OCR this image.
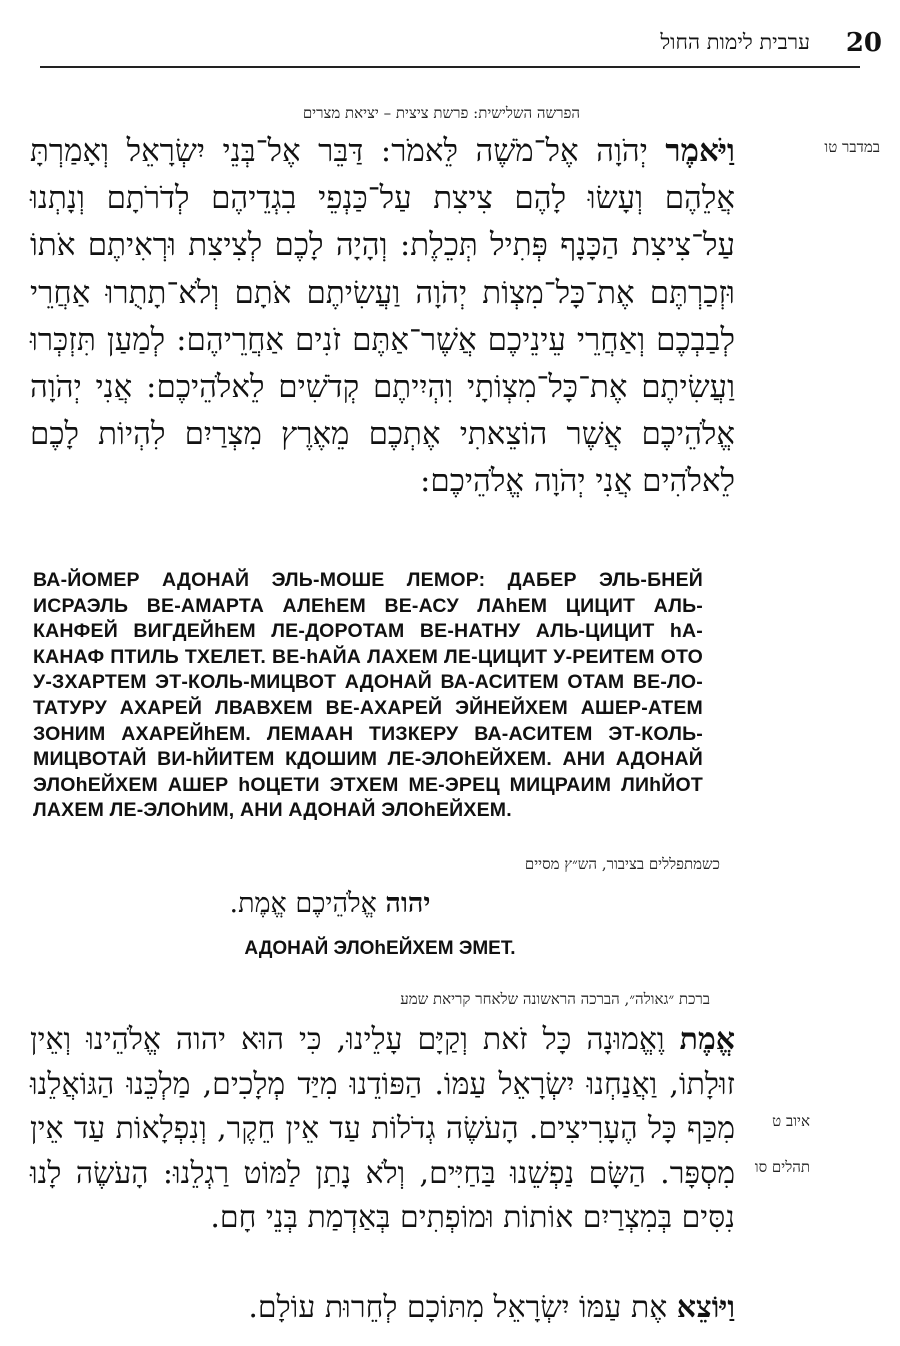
20
ערבית לימות החול
הפרשה השלישית: פרשת ציצית – יציאת מצרים
במדבר טו
וַיֹּאמֶר יְהֹוָה אֶל־מֹשֶׁה לֵּאמֹר: דַּבֵּר אֶל־בְּנֵי יִשְׂרָאֵל וְאָמַרְתָּ אֲלֵהֶם וְעָשׂוּ לָהֶם צִיצִת עַל־כַּנְפֵי בִגְדֵיהֶם לְדֹרֹתָם וְנָתְנוּ עַל־צִיצִת הַכָּנָף פְּתִיל תְּכֵלֶת: וְהָיָה לָכֶם לְצִיצִת וּרְאִיתֶם אֹתוֹ וּזְכַרְתֶּם אֶת־כָּל־מִצְוֹת יְהֹוָה וַעֲשִׂיתֶם אֹתָם וְלֹא־תָתֻרוּ אַחֲרֵי לְבַבְכֶם וְאַחֲרֵי עֵינֵיכֶם אֲשֶׁר־אַתֶּם זֹנִים אַחֲרֵיהֶם: לְמַעַן תִּזְכְּרוּ וַעֲשִׂיתֶם אֶת־כָּל־מִצְוֹתָי וִהְיִיתֶם קְדֹשִׁים לֵאלֹהֵיכֶם: אֲנִי יְהֹוָה אֱלֹהֵיכֶם אֲשֶׁר הוֹצֵאתִי אֶתְכֶם מֵאֶרֶץ מִצְרַיִם לִהְיוֹת לָכֶם לֵאלֹהִים אֲנִי יְהֹוָה אֱלֹהֵיכֶם:
ВА-ЙОМЕР АДОНАЙ ЭЛЬ-МОШЕ ЛЕМОР: ДАБЕР ЭЛЬ-БНЕЙ ИСРАЭЛЬ ВЕ-АМАРТА АЛЕhЕМ ВЕ-АСУ ЛАhЕМ ЦИЦИТ АЛЬ-КАНФЕЙ ВИГДЕЙhЕМ ЛЕ-ДОРОТАМ ВЕ-НАТНУ АЛЬ-ЦИЦИТ hА-КАНАФ ПТИЛЬ ТХЕЛЕТ. ВЕ-hАЙА ЛАХЕМ ЛЕ-ЦИЦИТ У-РЕИТЕМ ОТО У-ЗХАРТЕМ ЭТ-КОЛЬ-МИЦВОТ АДОНАЙ ВА-АСИТЕМ ОТАМ ВЕ-ЛО-ТАТУРУ АХАРЕЙ ЛВАВХЕМ ВЕ-АХАРЕЙ ЭЙНЕЙХЕМ АШЕР-АТЕМ ЗОНИМ АХАРЕЙhЕМ. ЛЕМААН ТИЗКЕРУ ВА-АСИТЕМ ЭТ-КОЛЬ-МИЦВОТАЙ ВИ-hЙИТЕМ КДОШИМ ЛЕ-ЭЛОhЕЙХЕМ. АНИ АДОНАЙ ЭЛОhЕЙХЕМ АШЕР hОЦЕТИ ЭТХЕМ МЕ-ЭРЕЦ МИЦРАИМ ЛИhЙОТ ЛАХЕМ ЛЕ-ЭЛОhИМ, АНИ АДОНАЙ ЭЛОhЕЙХЕМ.
כשמתפללים בציבור, הש״ץ מסיים
יהוה אֱלֹהֵיכֶם אֱמֶת.
АДОНАЙ ЭЛОhЕЙХЕМ ЭМЕТ.
ברכת ״גאולה״, הברכה הראשונה שלאחר קריאת שמע
איוב ט
תהלים סו
אֱמֶת וֶאֱמוּנָה כָּל זֹאת וְקַיָּם עָלֵינוּ, כִּי הוּא יהוה אֱלֹהֵינוּ וְאֵין זוּלָתוֹ, וַאֲנַחְנוּ יִשְׂרָאֵל עַמּוֹ. הַפּוֹדֵנוּ מִיַּד מְלָכִים, מַלְכֵּנוּ הַגּוֹאֲלֵנוּ מִכַּף כָּל הֶעָרִיצִים. הָעֹשֶׂה גְדֹלוֹת עַד אֵין חֵקֶר, וְנִפְלָאוֹת עַד אֵין מִסְפָּר. הַשָּׂם נַפְשֵׁנוּ בַּחַיִּים, וְלֹא נָתַן לַמּוֹט רַגְלֵנוּ: הָעֹשֶׂה לָנוּ נִסִּים בְּמִצְרַיִם אוֹתוֹת וּמוֹפְתִים בְּאַדְמַת בְּנֵי חָם.
וַיּוֹצֵא אֶת עַמּוֹ יִשְׂרָאֵל מִתּוֹכָם לְחֵרוּת עוֹלָם.
